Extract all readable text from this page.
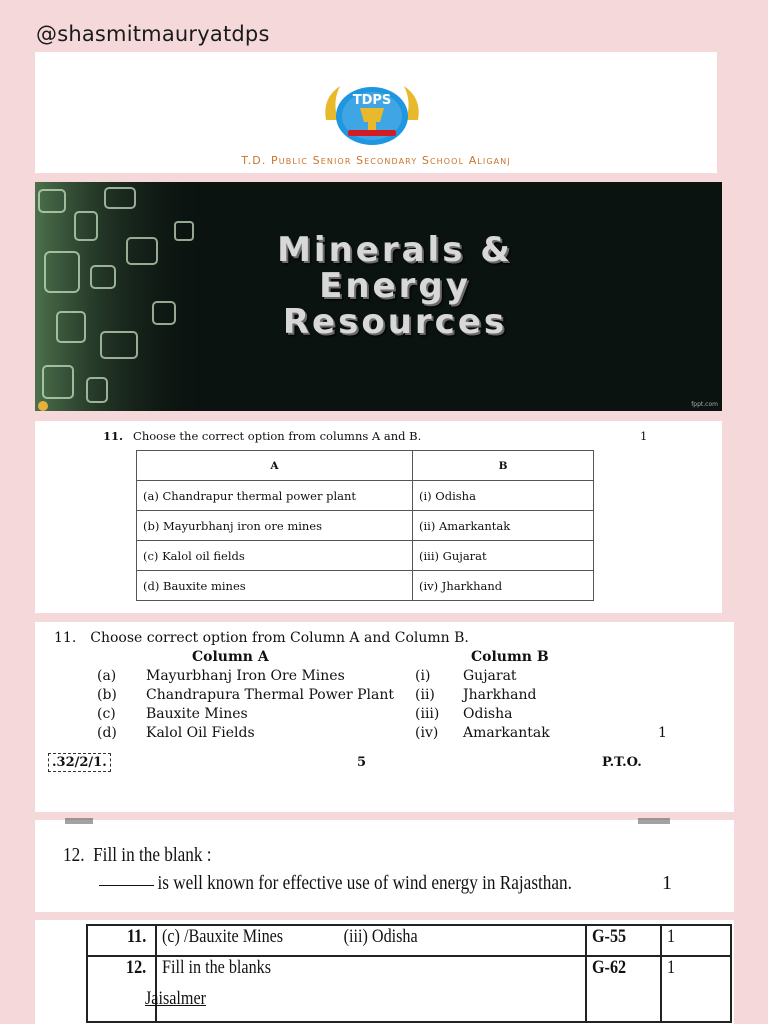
@shasmitmauryatdps
TDPS
T.D. Public Senior Secondary School Aliganj
Minerals &
Energy
Resources
fppt.com
11. Choose the correct option from columns A and B.	1
A	B
(a) Chandrapur thermal power plant	(i) Odisha
(b) Mayurbhanj iron ore mines	(ii) Amarkantak
(c) Kalol oil fields	(iii) Gujarat
(d) Bauxite mines	(iv) Jharkhand
11. Choose correct option from Column A and Column B.
Column A	Column B
(a) Mayurbhanj Iron Ore Mines	(i) Gujarat
(b) Chandrapura Thermal Power Plant (ii) Jharkhand
(c) Bauxite Mines	(iii) Odisha
(d) Kalol Oil Fields	(iv) Amarkantak	1
.32/2/1.	5	P.T.O.
12. Fill in the blank :
is well known for effective use of wind energy in Rajasthan.	1
11.	(c) /Bauxite Mines               (iii) Odisha	G-55	1
12.	Fill in the blanks	G-62	1
Jaisalmer
